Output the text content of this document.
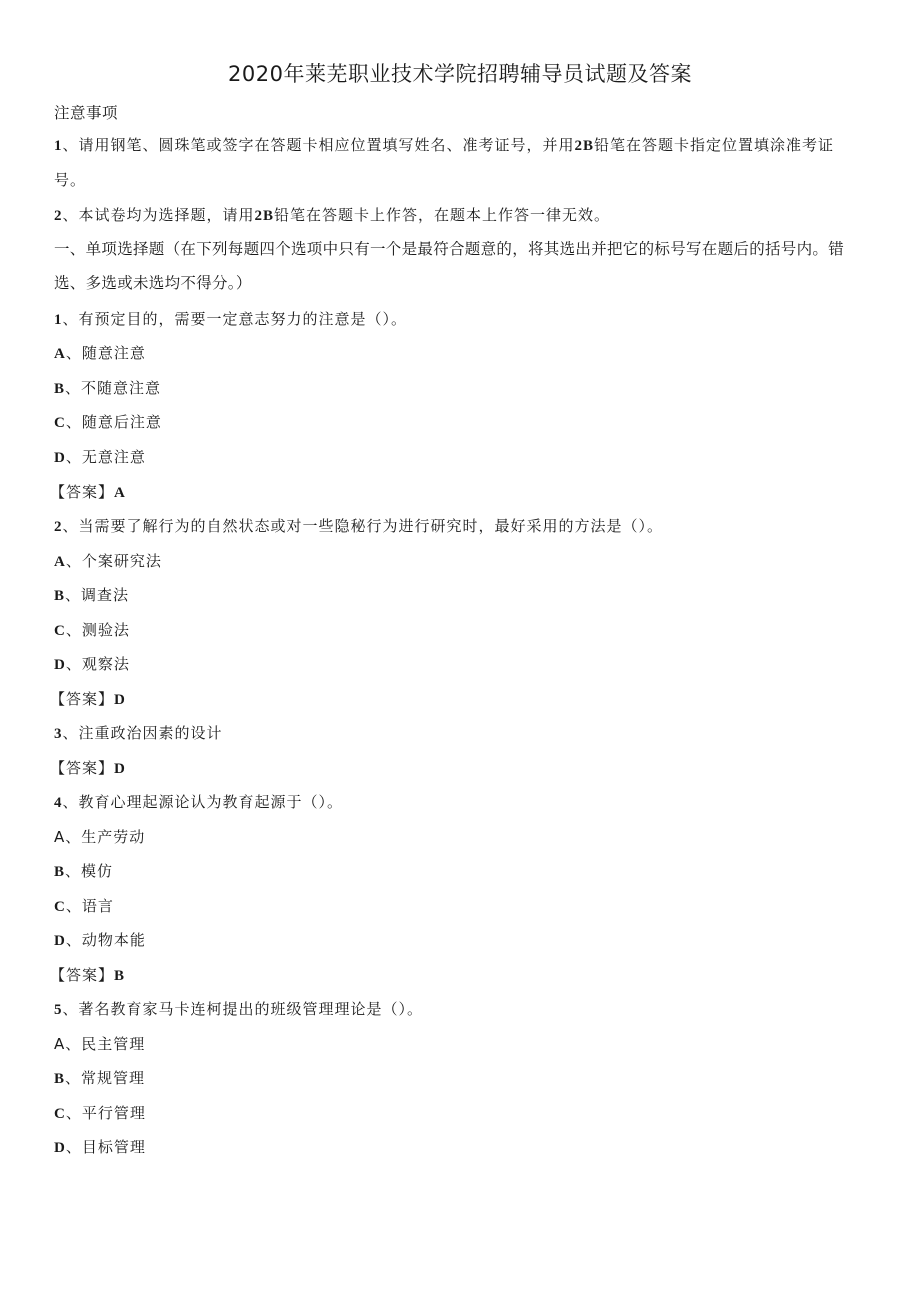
2020年莱芜职业技术学院招聘辅导员试题及答案
注意事项
1、请用钢笔、圆珠笔或签字在答题卡相应位置填写姓名、准考证号，并用2B铅笔在答题卡指定位置填涂准考证号。
2、本试卷均为选择题，请用2B铅笔在答题卡上作答，在题本上作答一律无效。
一、单项选择题（在下列每题四个选项中只有一个是最符合题意的，将其选出并把它的标号写在题后的括号内。错选、多选或未选均不得分。）
1、有预定目的，需要一定意志努力的注意是（）。
A、随意注意
B、不随意注意
C、随意后注意
D、无意注意
【答案】A
2、当需要了解行为的自然状态或对一些隐秘行为进行研究时，最好采用的方法是（）。
A、个案研究法
B、调查法
C、测验法
D、观察法
【答案】D
3、注重政治因素的设计
【答案】D
4、教育心理起源论认为教育起源于（）。
A、生产劳动
B、模仿
C、语言
D、动物本能
【答案】B
5、著名教育家马卡连柯提出的班级管理理论是（）。
A、民主管理
B、常规管理
C、平行管理
D、目标管理
